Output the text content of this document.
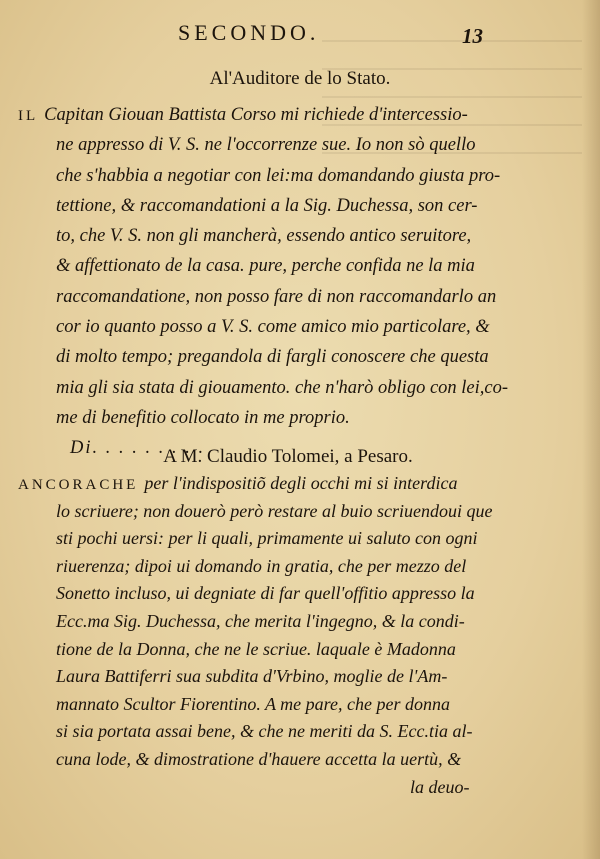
SECONDO.	13
Al'Auditore de lo Stato.
IL Capitan Giouan Battista Corso mi richiede d'intercessio-
ne appresso di V. S. ne l'occorrenze sue. Io non sò quello
che s'habbia a negotiar con lei:ma domandando giusta pro-
tettione, & raccomandationi a la Sig. Duchessa, son cer-
to, che V. S. non gli mancherà, essendo antico seruitore,
& affettionato de la casa. pure, perche confida ne la mia
raccomandatione, non posso fare di non raccomandarlo an
cor io quanto posso a V. S. come amico mio particolare, &
di molto tempo; pregandola di fargli conoscere che questa
mia gli sia stata di giouamento. che n'harò obligo con lei,co-
me di benefitio collocato in me proprio.
Di. . . . . . . . .
A M. Claudio Tolomei, a Pesaro.
ANCORACHE per l'indispositiõ degli occhi mi si interdica
lo scriuere; non douerò però restare al buio scriuendoui que
sti pochi uersi: per li quali, primamente ui saluto con ogni
riuerenza; dipoi ui domando in gratia, che per mezzo del
Sonetto incluso, ui degniate di far quell'offitio appresso la
Ecc.ma Sig. Duchessa, che merita l'ingegno, & la condi-
tione de la Donna, che ne le scriue. laquale è Madonna
Laura Battiferri sua subdita d'Vrbino, moglie de l'Am-
mannato Scultor Fiorentino. A me pare, che per donna
si sia portata assai bene, & che ne meriti da S. Ecc.tia al-
cuna lode, & dimostratione d'hauere accetta la uertù, &
la deuo-
